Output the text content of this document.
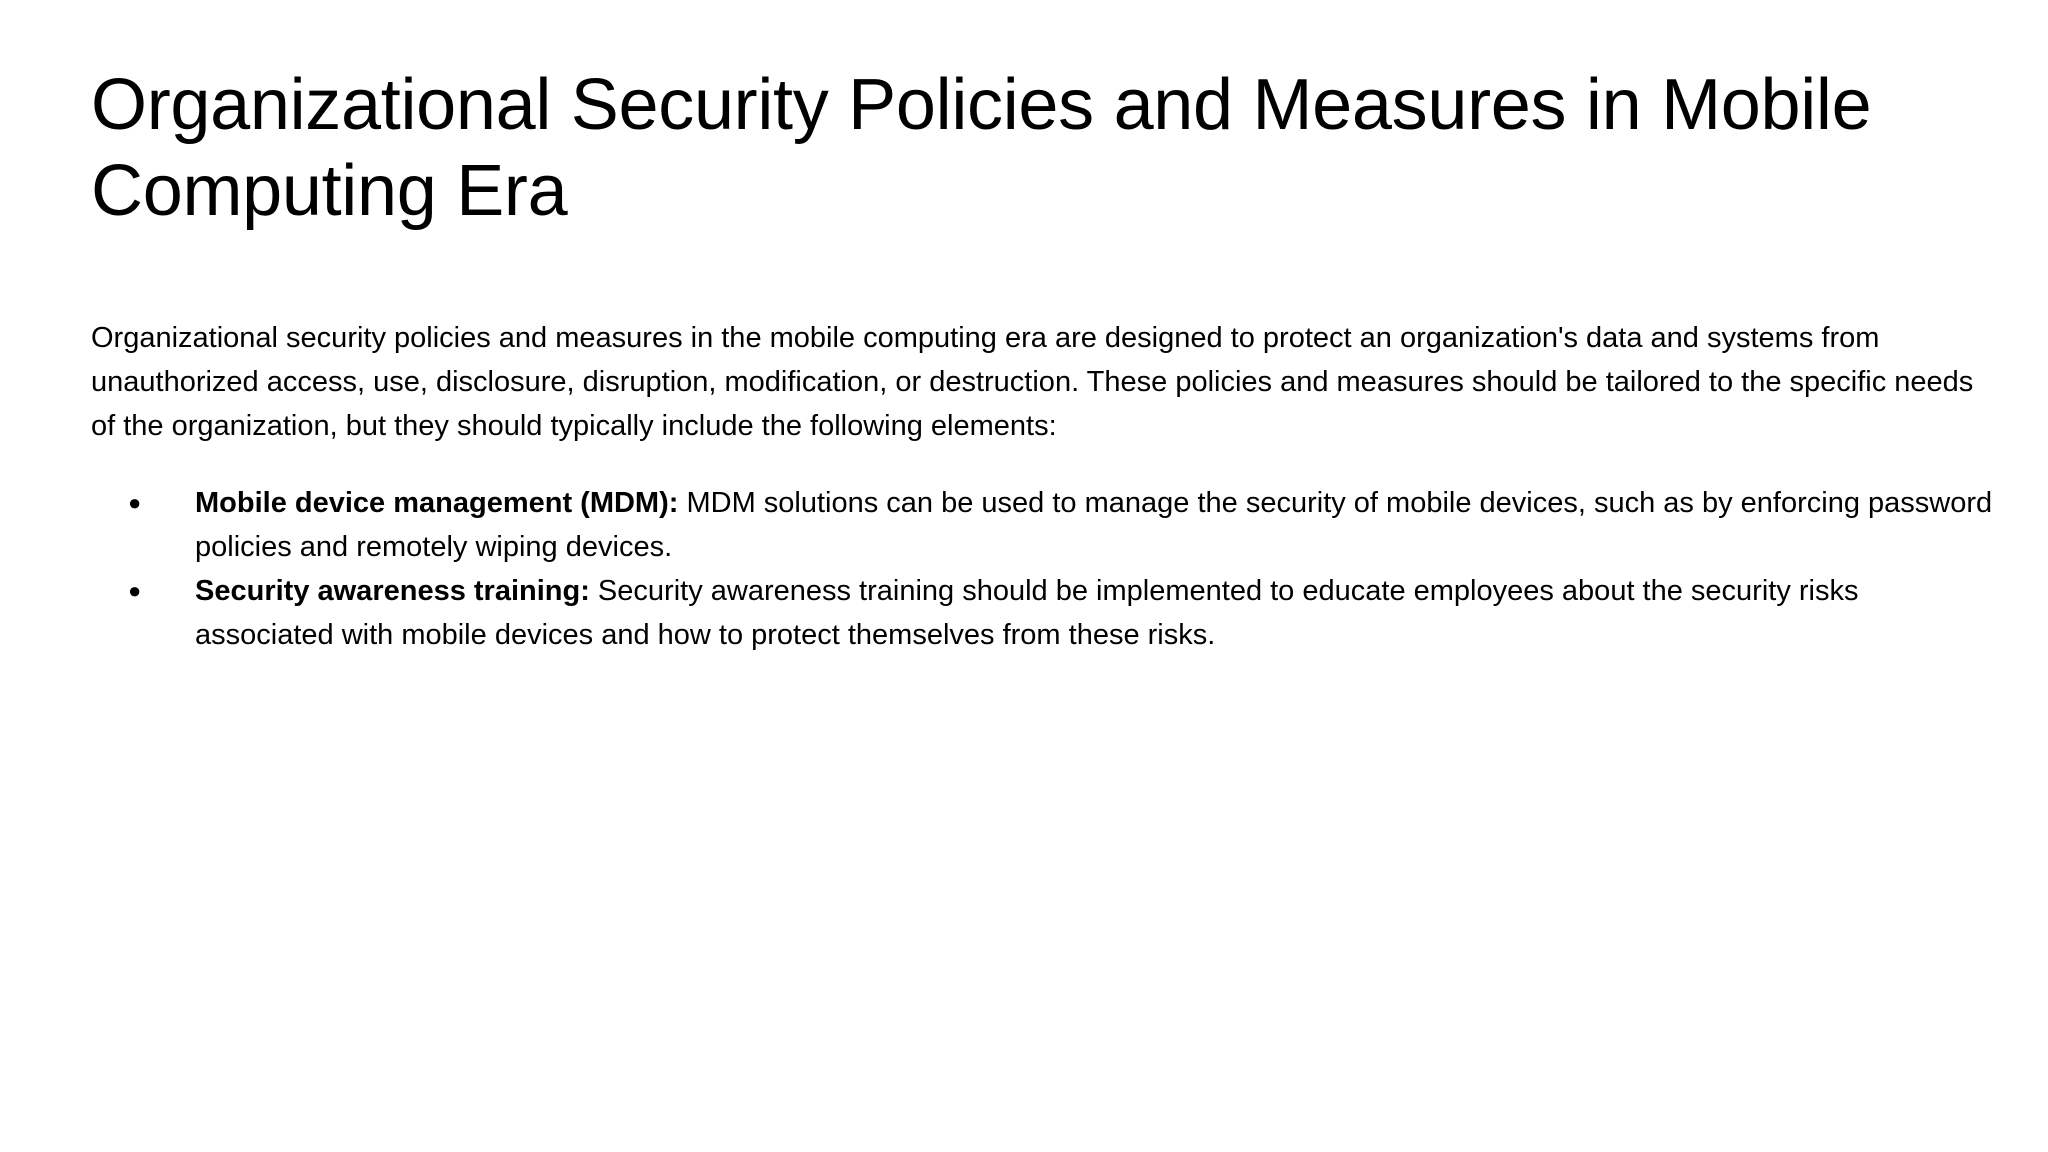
Organizational Security Policies and Measures in Mobile Computing Era

Organizational security policies and measures in the mobile computing era are designed to protect an organization's data and systems from unauthorized access, use, disclosure, disruption, modification, or destruction. These policies and measures should be tailored to the specific needs of the organization, but they should typically include the following elements:

● Mobile device management (MDM): MDM solutions can be used to manage the security of mobile devices, such as by enforcing password policies and remotely wiping devices.
● Security awareness training: Security awareness training should be implemented to educate employees about the security risks associated with mobile devices and how to protect themselves from these risks.
